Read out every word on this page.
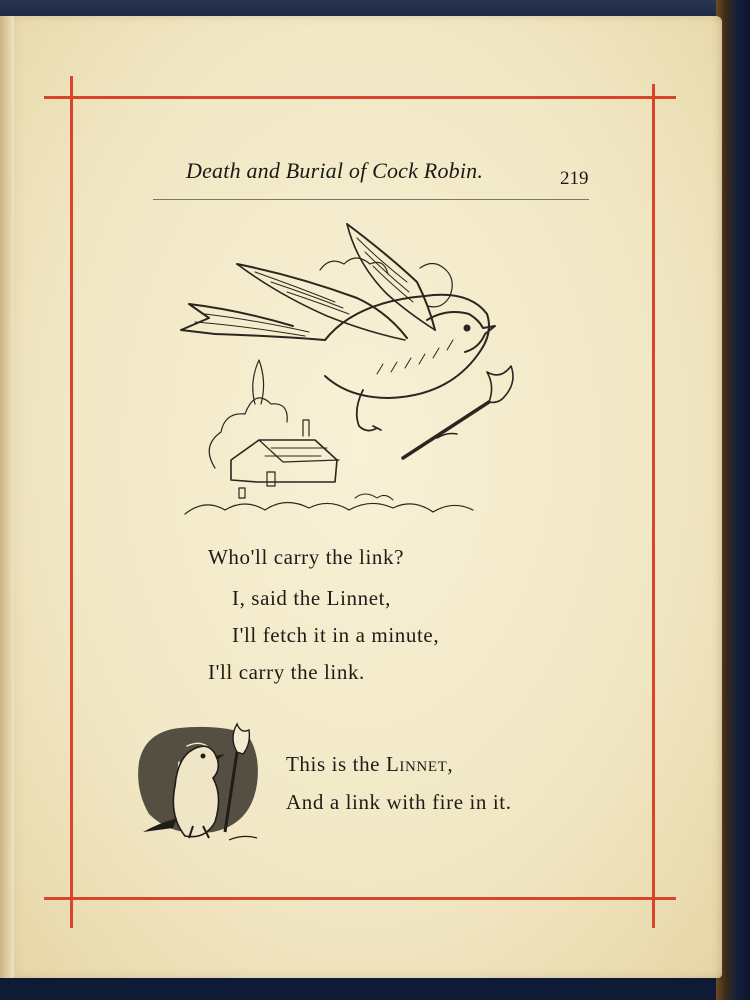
Death and Burial of Cock Robin.	219
Who'll carry the link?
I, said the Linnet,
I'll fetch it in a minute,
I'll carry the link.
This is the Linnet,
And a link with fire in it.
